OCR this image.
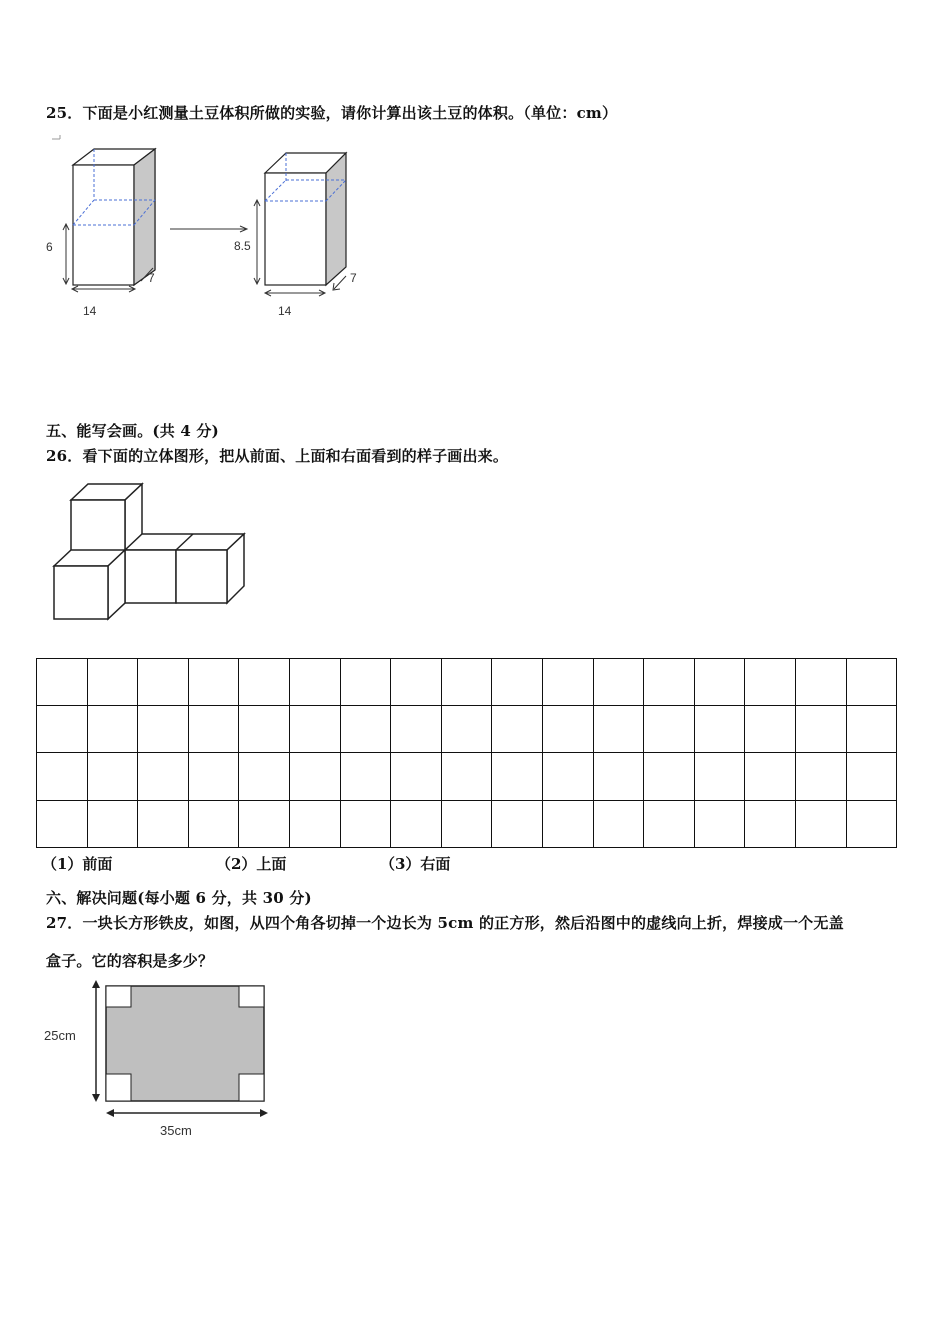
25．下面是小红测量土豆体积所做的实验，请你计算出该土豆的体积。（单位：cm）
6
14
7
8.5
14
7
五、能写会画。(共 4 分)
26．看下面的立体图形，把从前面、上面和右面看到的样子画出来。

（1）前面	（2）上面	（3）右面
六、解决问题(每小题 6 分，共 30 分)
27．一块长方形铁皮，如图，从四个角各切掉一个边长为 5cm 的正方形，然后沿图中的虚线向上折，焊接成一个无盖
盒子。它的容积是多少？
25cm
35cm
